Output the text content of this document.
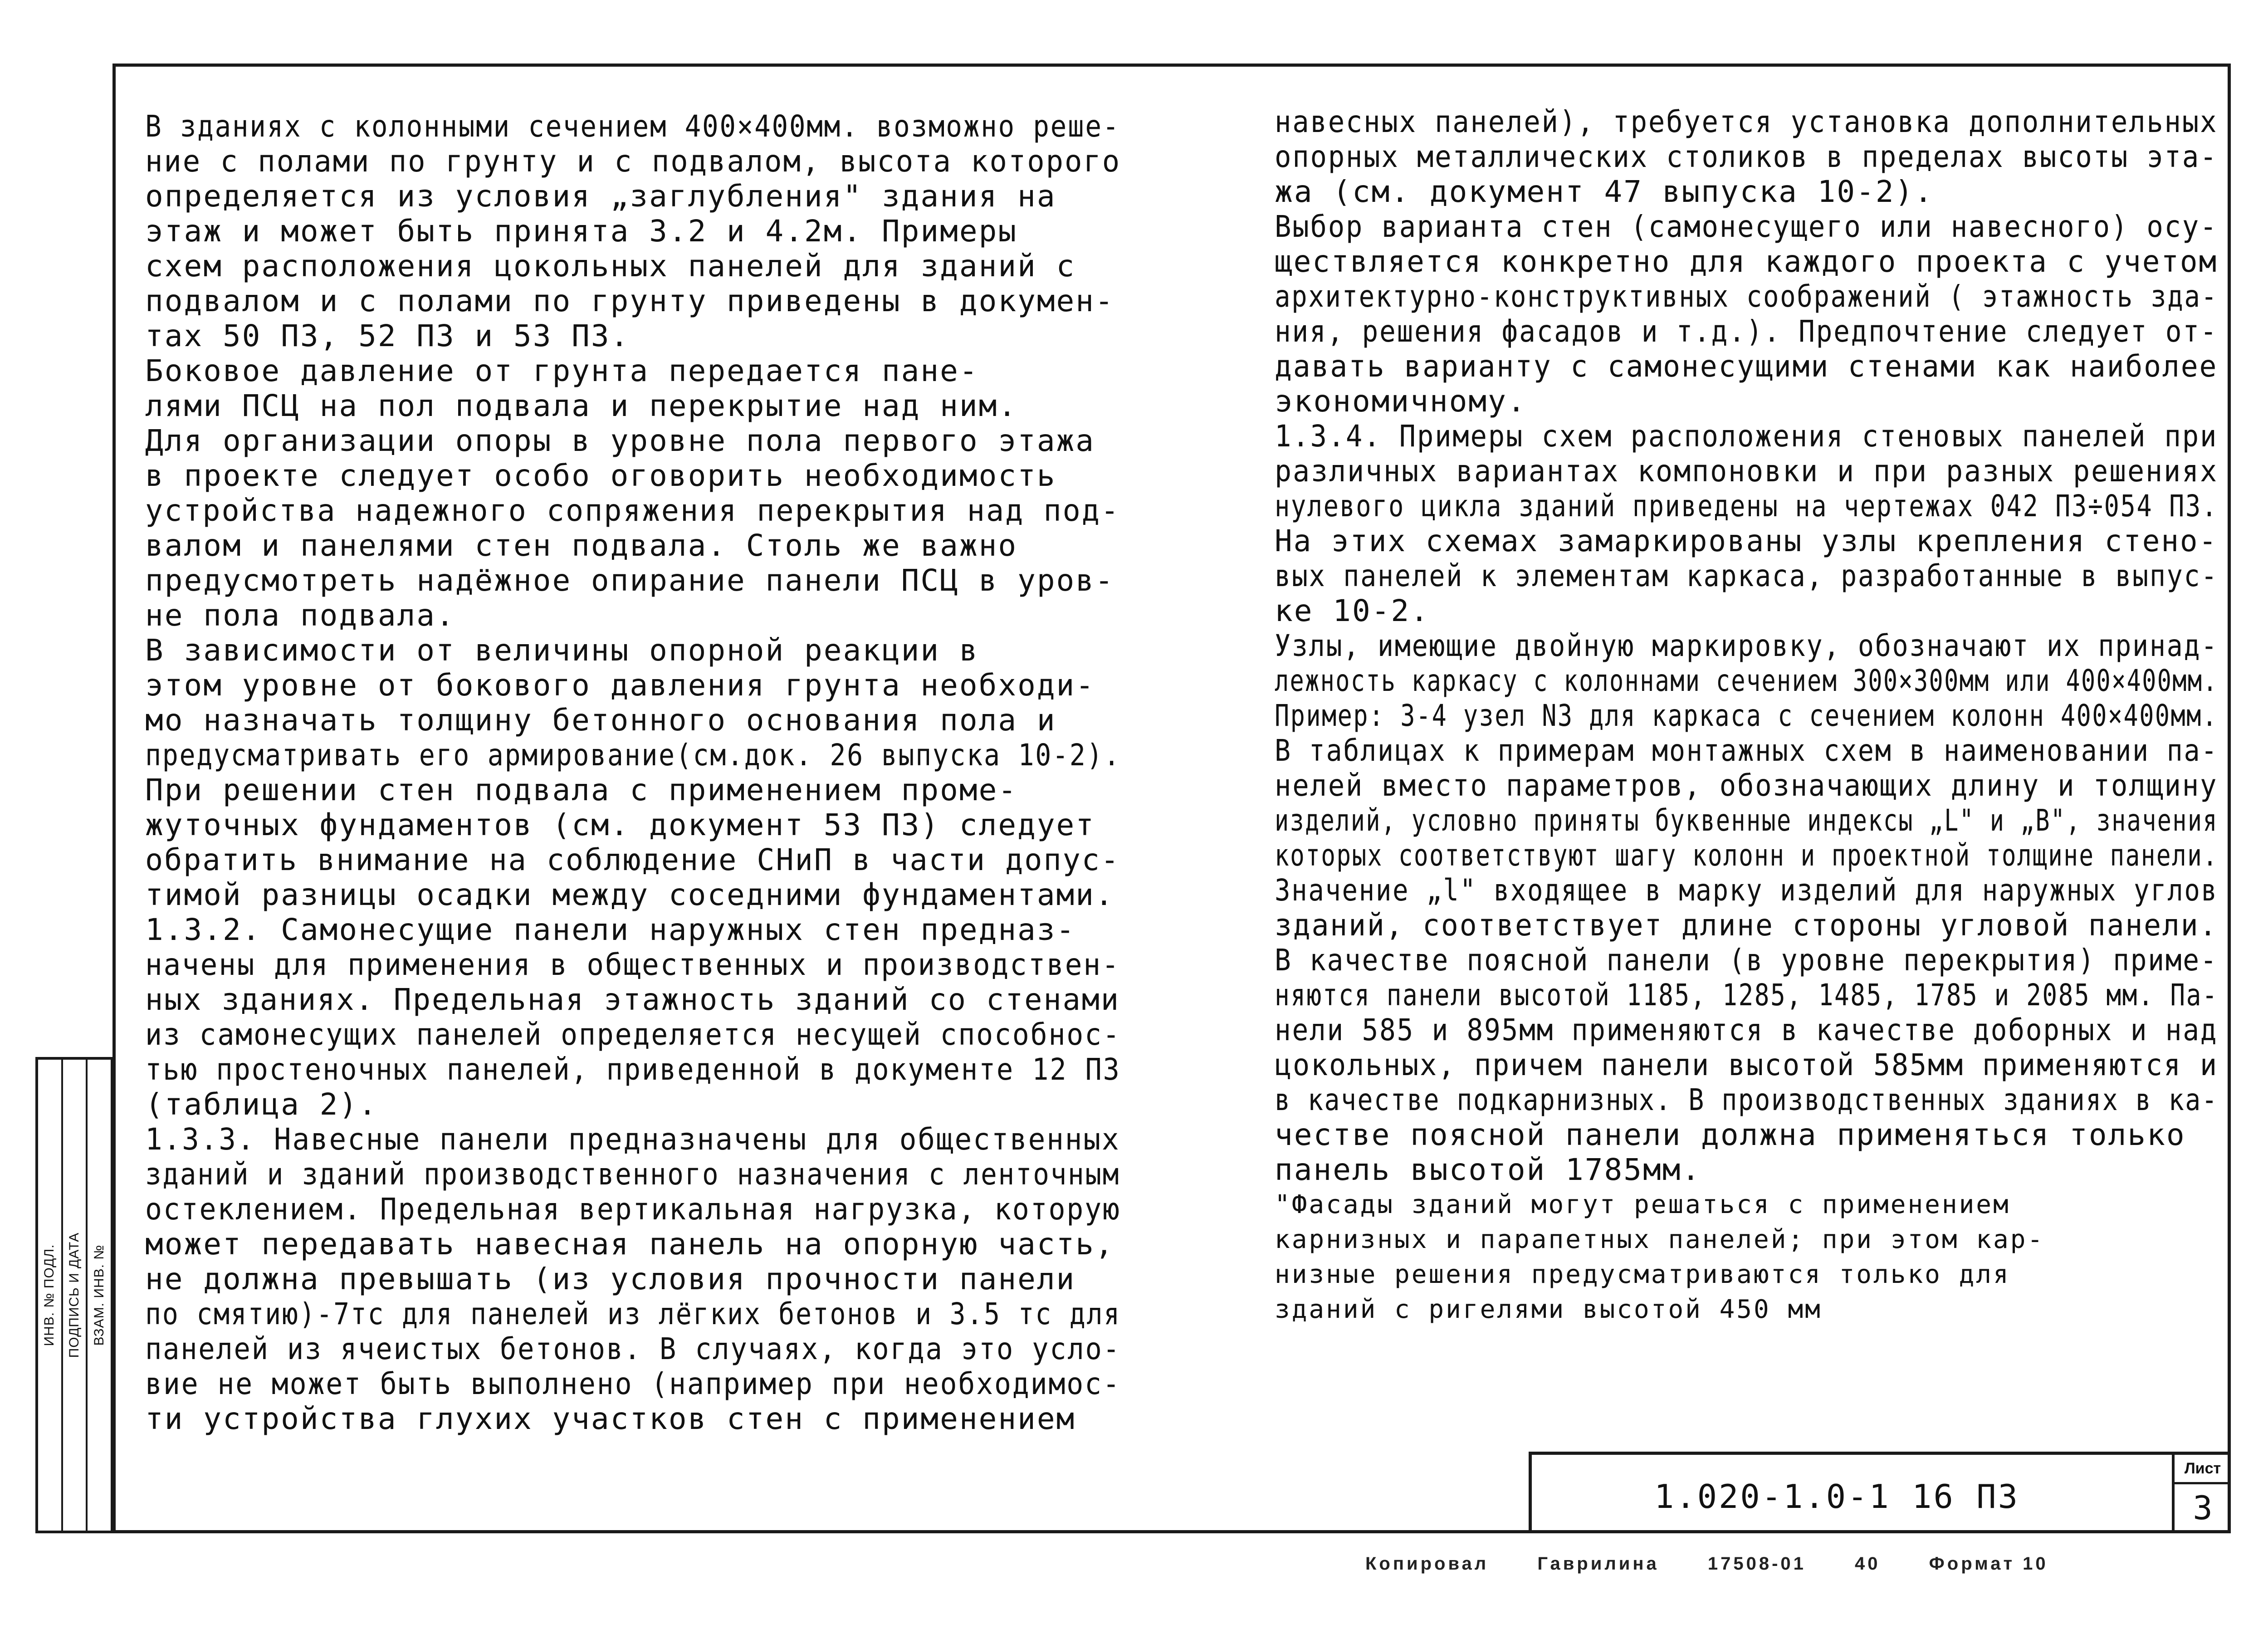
ИНВ. № ПОДЛ. ПОДПИСЬ И ДАТА ВЗАМ. ИНВ. №
В зданиях с колонными сечением 400×400мм. возможно реше-
ние с полами по грунту и с подвалом, высота которого
определяется из условия „заглубления" здания на
этаж и может быть принята 3.2 и 4.2м. Примеры
схем расположения цокольных панелей для зданий с
подвалом и с полами по грунту приведены в докумен-
тах 50 ПЗ, 52 ПЗ и 53 ПЗ.
Боковое давление от грунта передается пане-
лями ПСЦ на пол подвала и перекрытие над ним.
Для организации опоры в уровне пола первого этажа
в проекте следует особо оговорить необходимость
устройства надежного сопряжения перекрытия над под-
валом и панелями стен подвала. Столь же важно
предусмотреть надёжное опирание панели ПСЦ в уров-
не пола подвала.
В зависимости от величины опорной реакции в
этом уровне от бокового давления грунта необходи-
мо назначать толщину бетонного основания пола и
предусматривать его армирование(см.док. 26 выпуска 10-2).
При решении стен подвала с применением проме-
жуточных фундаментов (см. документ 53 ПЗ) следует
обратить внимание на соблюдение СНиП в части допус-
тимой разницы осадки между соседними фундаментами.
1.3.2. Самонесущие панели наружных стен предназ-
начены для применения в общественных и производствен-
ных зданиях. Предельная этажность зданий со стенами
из самонесущих панелей определяется несущей способнос-
тью простеночных панелей, приведенной в документе 12 ПЗ
(таблица 2).
1.3.3. Навесные панели предназначены для общественных
зданий и зданий производственного назначения с ленточным
остеклением. Предельная вертикальная нагрузка, которую
может передавать навесная панель на опорную часть,
не должна превышать (из условия прочности панели
по смятию)-7тс для панелей из лёгких бетонов и 3.5 тс для
панелей из ячеистых бетонов. В случаях, когда это усло-
вие не может быть выполнено (например при необходимос-
ти устройства глухих участков стен с применением
навесных панелей), требуется установка дополнительных
опорных металлических столиков в пределах высоты эта-
жа (см. документ 47 выпуска 10-2).
Выбор варианта стен (самонесущего или навесного) осу-
ществляется конкретно для каждого проекта с учетом
архитектурно-конструктивных соображений ( этажность зда-
ния, решения фасадов и т.д.). Предпочтение следует от-
давать варианту с самонесущими стенами как наиболее
экономичному.
1.3.4. Примеры схем расположения стеновых панелей при
различных вариантах компоновки и при разных решениях
нулевого цикла зданий приведены на чертежах 042 ПЗ÷054 ПЗ.
На этих схемах замаркированы узлы крепления стено-
вых панелей к элементам каркаса, разработанные в выпус-
ке 10-2.
Узлы, имеющие двойную маркировку, обозначают их принад-
лежность каркасу с колоннами сечением 300×300мм или 400×400мм.
Пример: 3-4 узел N3 для каркаса с сечением колонн 400×400мм.
В таблицах к примерам монтажных схем в наименовании па-
нелей вместо параметров, обозначающих длину и толщину
изделий, условно приняты буквенные индексы „L" и „B", значения
которых соответствуют шагу колонн и проектной толщине панели.
Значение „l" входящее в марку изделий для наружных углов
зданий, соответствует длине стороны угловой панели.
В качестве поясной панели (в уровне перекрытия) приме-
няются панели высотой 1185, 1285, 1485, 1785 и 2085 мм. Па-
нели 585 и 895мм применяются в качестве доборных и над
цокольных, причем панели высотой 585мм применяются и
в качестве подкарнизных. В производственных зданиях в ка-
честве поясной панели должна применяться только
панель высотой 1785мм.
"Фасады зданий могут решаться с применением
карнизных и парапетных панелей; при этом кар-
низные решения предусматриваются только для
зданий с ригелями высотой 450 мм
1.020-1.0-1 16 ПЗ
Лист
3
Копировал	Гаврилина	17508-01	40	Формат 10
